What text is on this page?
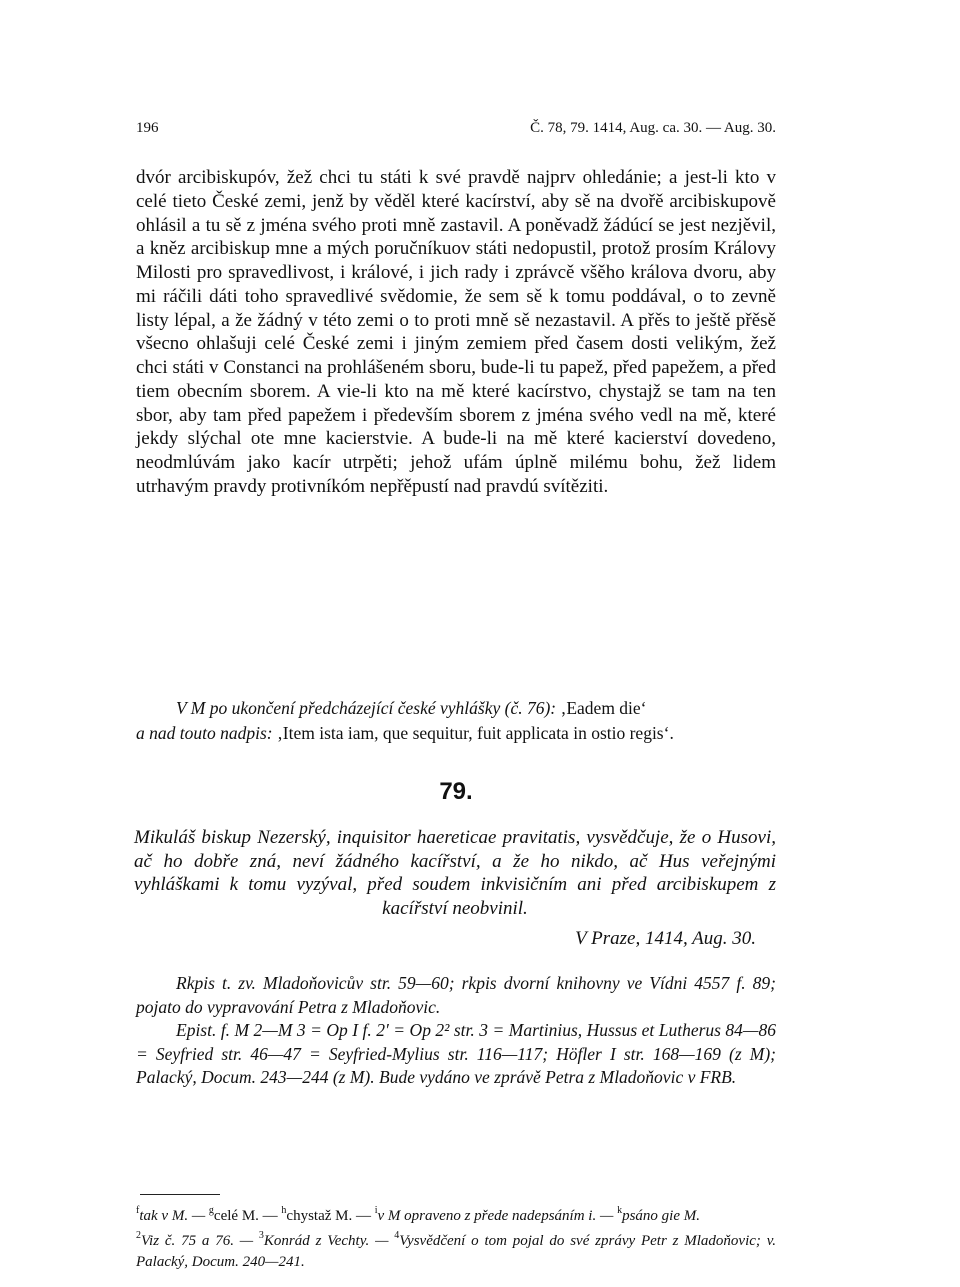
196	Č. 78, 79. 1414, Aug. ca. 30. — Aug. 30.

dvór arcibiskupóv, žež chci tu státi k své pravdě najprv ohledánie; a jest-li kto v celé tieto České zemi, jenž by věděl které kacírství, aby sě na dvořě arcibiskupově ohlásil a tu sě z jména svého proti mně zastavil. A poněvadž žádúcí se jest nezjěvil, a kněz arcibiskup mne a mých poručníkuov státi nedopustil, protož prosím Královy Milosti pro spravedlivost, i králové, i jich rady i zprávcě všěho králova dvoru, aby mi ráčili dáti toho spravedlivé svědomie, že sem sě k tomu poddával, o to zevně listy lépal, a že žádný v této zemi o to proti mně sě nezastavil. A přěs to ještě přěsě všecno ohlašuji celé České zemi i jiným zemiem před časem dosti velikým, žež chci státi v Constanci na prohlášeném sboru, bude-li tu papež, před papežem, a před tiem obecním sborem. A vie-li kto na mě které kacírstvo, chystajž se tam na ten sbor, aby tam před papežem i především sborem z jména svého vedl na mě, které jekdy slýchal ote mne kacierstvie. A bude-li na mě které kacierství dovedeno, neodmlúvám jako kacír utrpěti; jehož ufám úplně milému bohu, žež lidem utrhavým pravdy protivníkóm nepřěpustí nad pravdú svítěziti.

V M po ukončení předcházející české vyhlášky (č. 76): ‚Eadem die‘
a nad touto nadpis: ‚Item ista iam, que sequitur, fuit applicata in ostio regis‘.
79.
Mikuláš biskup Nezerský, inquisitor haereticae pravitatis, vysvědčuje, že o Husovi, ač ho dobře zná, neví žádného kacířství, a že ho nikdo, ač Hus veřejnými vyhláškami k tomu vyzýval, před soudem inkvisičním ani před arcibiskupem z kacířství neobvinil.
V Praze, 1414, Aug. 30.

Rkpis t. zv. Mladoňovicův str. 59—60; rkpis dvorní knihovny ve Vídni 4557 f. 89; pojato do vypravování Petra z Mladoňovic.

Epist. f. M 2—M 3 = Op I f. 2′ = Op 2² str. 3 = Martinius, Hussus et Lutherus 84—86 = Seyfried str. 46—47 = Seyfried-Mylius str. 116—117; Höfler I str. 168—169 (z M); Palacký, Docum. 243—244 (z M). Bude vydáno ve zprávě Petra z Mladoňovic v FRB.

$^f$tak v M. — $^g$celé M. — $^h$chystaž M. — $^i$v M opraveno z přede nadepsáním i. — $^k$psáno gie M.

$^2$Viz č. 75 a 76. — $^3$Konrád z Vechty. — $^4$Vysvědčení o tom pojal do své zprávy Petr z Mladoňovic; v. Palacký, Docum. 240—241.
